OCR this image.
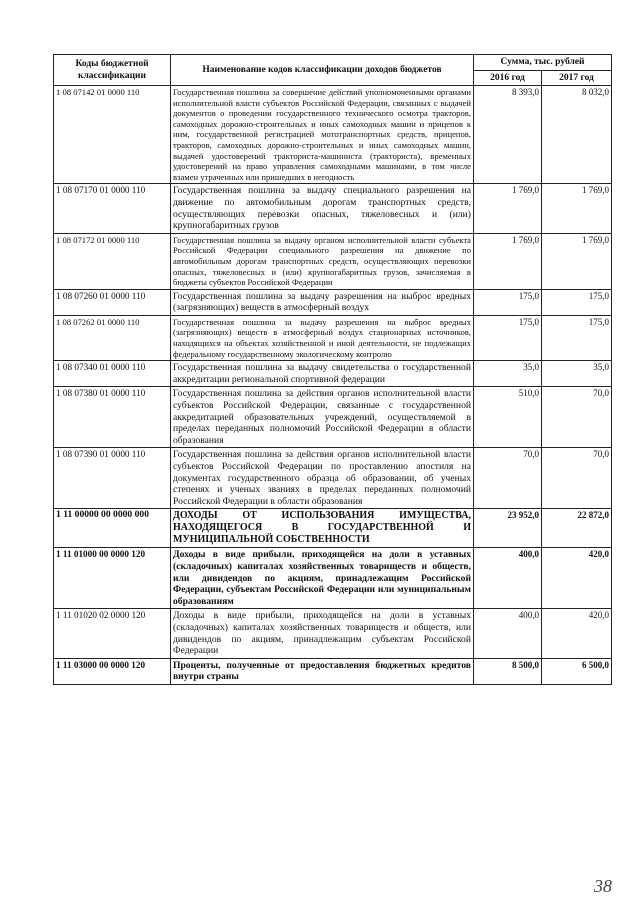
Коды бюджетной классификации	Наименование кодов классификации доходов бюджетов	Сумма, тыс. рублей	
		2016 год	2017 год
1 08 07142 01 0000 110	Государственная пошлина за совершение действий уполномоченными органами исполнительной власти субъектов Российской Федерации, связанных с выдачей документов о проведении государственного технического осмотра тракторов, самоходных дорожно-строительных и иных самоходных машин и прицепов к ним, государственной регистрацией мототранспортных средств, прицепов, тракторов, самоходных дорожно-строительных и иных самоходных машин, выдачей удостоверений тракториста-машиниста (тракториста), временных удостоверений на право управления самоходными машинами, в том числе взамен утраченных или пришедших в негодность	8 393,0	8 032,0
1 08 07170 01 0000 110	Государственная пошлина за выдачу специального разрешения на движение по автомобильным дорогам транспортных средств, осуществляющих перевозки опасных, тяжеловесных и (или) крупногабаритных грузов	1 769,0	1 769,0
1 08 07172 01 0000 110	Государственная пошлина за выдачу органом исполнительной власти субъекта Российской Федерации специального разрешения на движение по автомобильным дорогам транспортных средств, осуществляющих перевозки опасных, тяжеловесных и (или) крупногабаритных грузов, зачисляемая в бюджеты субъектов Российской Федерации	1 769,0	1 769,0
1 08 07260 01 0000 110	Государственная пошлина за выдачу разрешения на выброс вредных (загрязняющих) веществ в атмосферный воздух	175,0	175,0
1 08 07262 01 0000 110	Государственная пошлина за выдачу разрешения на выброс вредных (загрязняющих) веществ в атмосферный воздух стационарных источников, находящихся на объектах хозяйственной и иной деятельности, не подлежащих федеральному государственному экологическому контролю	175,0	175,0
1 08 07340 01 0000 110	Государственная пошлина за выдачу свидетельства о государственной аккредитации региональной спортивной федерации	35,0	35,0
1 08 07380 01 0000 110	Государственная пошлина за действия органов исполнительной власти субъектов Российской Федерации, связанные с государственной аккредитацией образовательных учреждений, осуществляемой в пределах переданных полномочий Российской Федерации в области образования	510,0	70,0
1 08 07390 01 0000 110	Государственная пошлина за действия органов исполнительной власти субъектов Российской Федерации по проставлению апостиля на документах государственного образца об образовании, об ученых степенях и ученых званиях в пределах переданных полномочий Российской Федерации в области образования	70,0	70,0
1 11 00000 00 0000 000	ДОХОДЫ ОТ ИСПОЛЬЗОВАНИЯ ИМУЩЕСТВА, НАХОДЯЩЕГОСЯ В ГОСУДАРСТВЕННОЙ И МУНИЦИПАЛЬНОЙ СОБСТВЕННОСТИ	23 952,0	22 872,0
1 11 01000 00 0000 120	Доходы в виде прибыли, приходящейся на доли в уставных (складочных) капиталах хозяйственных товариществ и обществ, или дивидендов по акциям, принадлежащим Российской Федерации, субъектам Российской Федерации или муниципальным образованиям	400,0	420,0
1 11 01020 02 0000 120	Доходы в виде прибыли, приходящейся на доли в уставных (складочных) капиталах хозяйственных товариществ и обществ, или дивидендов по акциям, принадлежащим субъектам Российской Федерации	400,0	420,0
1 11 03000 00 0000 120	Проценты, полученные от предоставления бюджетных кредитов внутри страны	8 500,0	6 500,0
38
